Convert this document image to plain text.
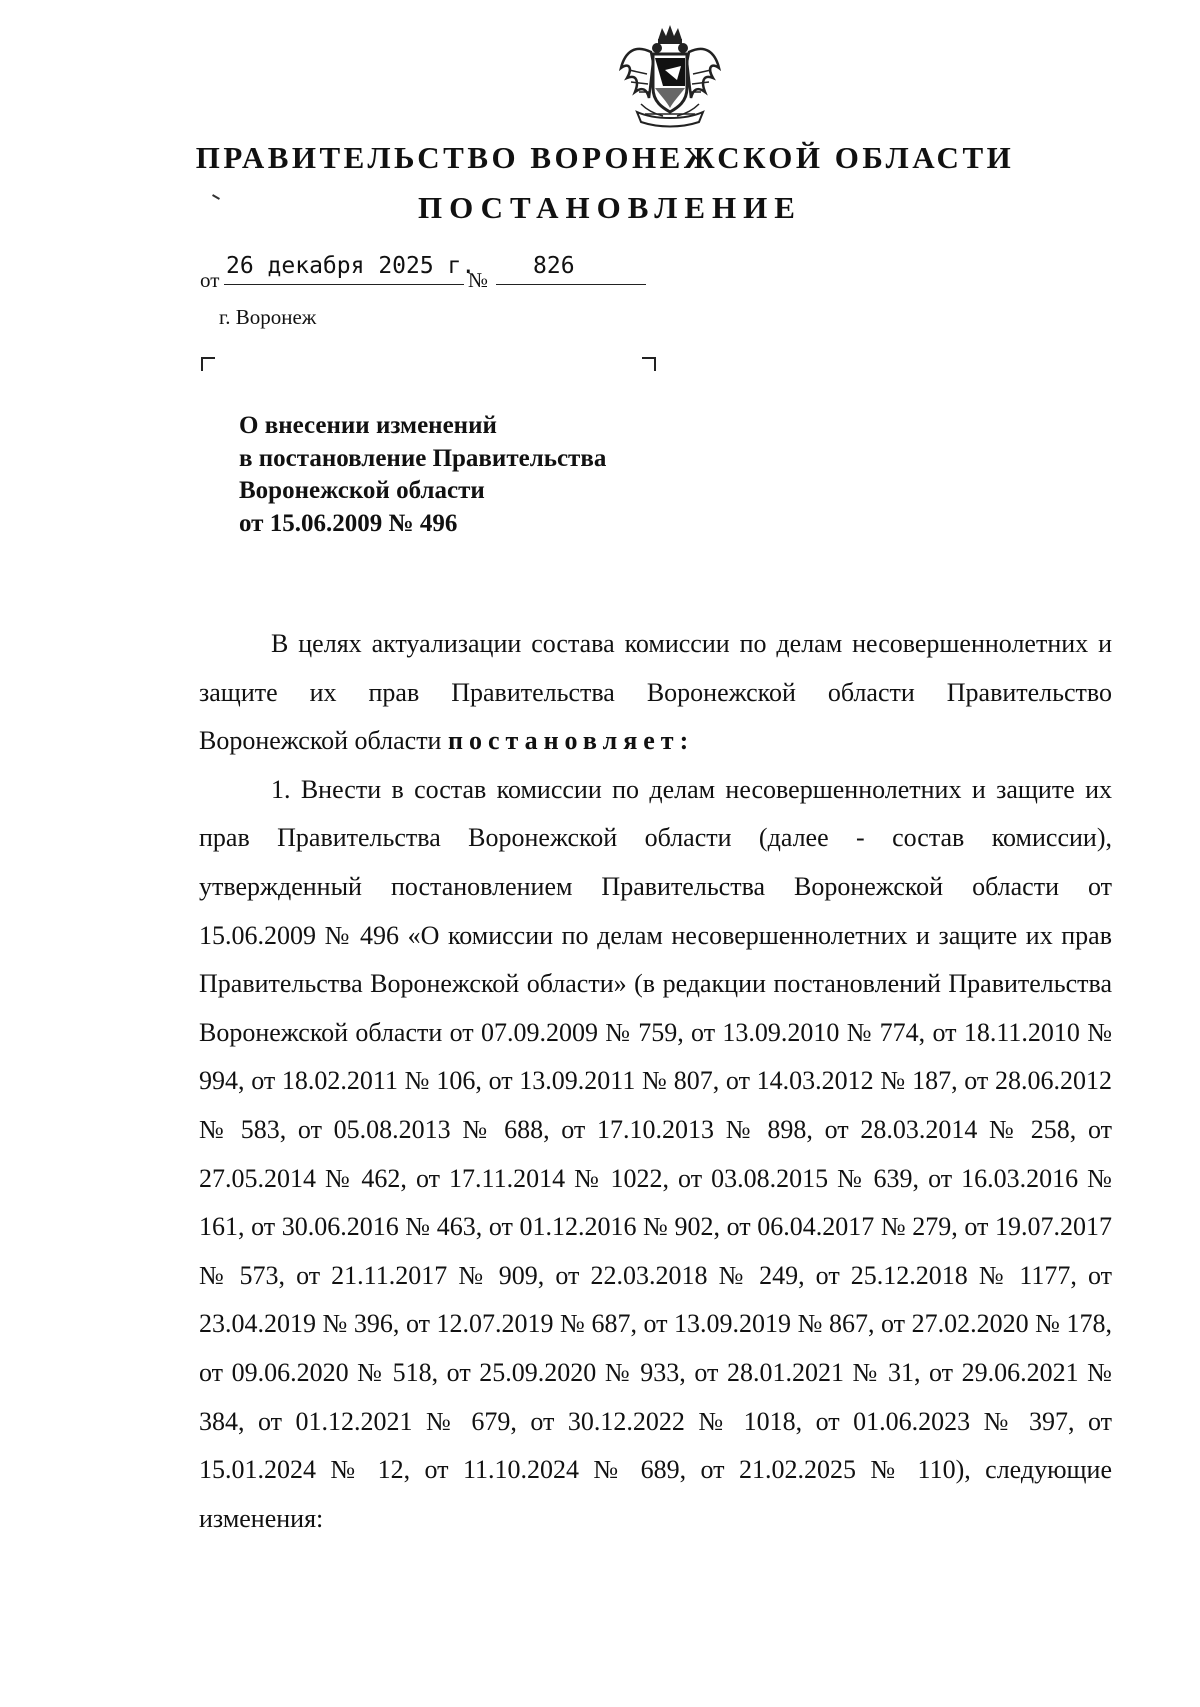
ПРАВИТЕЛЬСТВО ВОРОНЕЖСКОЙ ОБЛАСТИ
ПОСТАНОВЛЕНИЕ
от
26 декабря 2025 г.
№
826
г. Воронеж
О внесении изменений
в постановление Правительства
Воронежской области
от 15.06.2009 № 496

В целях актуализации состава комиссии по делам несовершеннолетних и защите их прав Правительства Воронежской области Правительство Воронежской области постановляет:

1. Внести в состав комиссии по делам несовершеннолетних и защите их прав Правительства Воронежской области (далее - состав комиссии), утвержденный постановлением Правительства Воронежской области от 15.06.2009 № 496 «О комиссии по делам несовершеннолетних и защите их прав Правительства Воронежской области» (в редакции постановлений Правительства Воронежской области от 07.09.2009 № 759, от 13.09.2010 № 774, от 18.11.2010 № 994, от 18.02.2011 № 106, от 13.09.2011 № 807, от 14.03.2012 № 187, от 28.06.2012 № 583, от 05.08.2013 № 688, от 17.10.2013 № 898, от 28.03.2014 № 258, от 27.05.2014 № 462, от 17.11.2014 № 1022, от 03.08.2015 № 639, от 16.03.2016 № 161, от 30.06.2016 № 463, от 01.12.2016 № 902, от 06.04.2017 № 279, от 19.07.2017 № 573, от 21.11.2017 № 909, от 22.03.2018 № 249, от 25.12.2018 № 1177, от 23.04.2019 № 396, от 12.07.2019 № 687, от 13.09.2019 № 867, от 27.02.2020 № 178, от 09.06.2020 № 518, от 25.09.2020 № 933, от 28.01.2021 № 31, от 29.06.2021 № 384, от 01.12.2021 № 679, от 30.12.2022 № 1018, от 01.06.2023 № 397, от 15.01.2024 № 12, от 11.10.2024 № 689, от 21.02.2025 № 110), следующие изменения:
